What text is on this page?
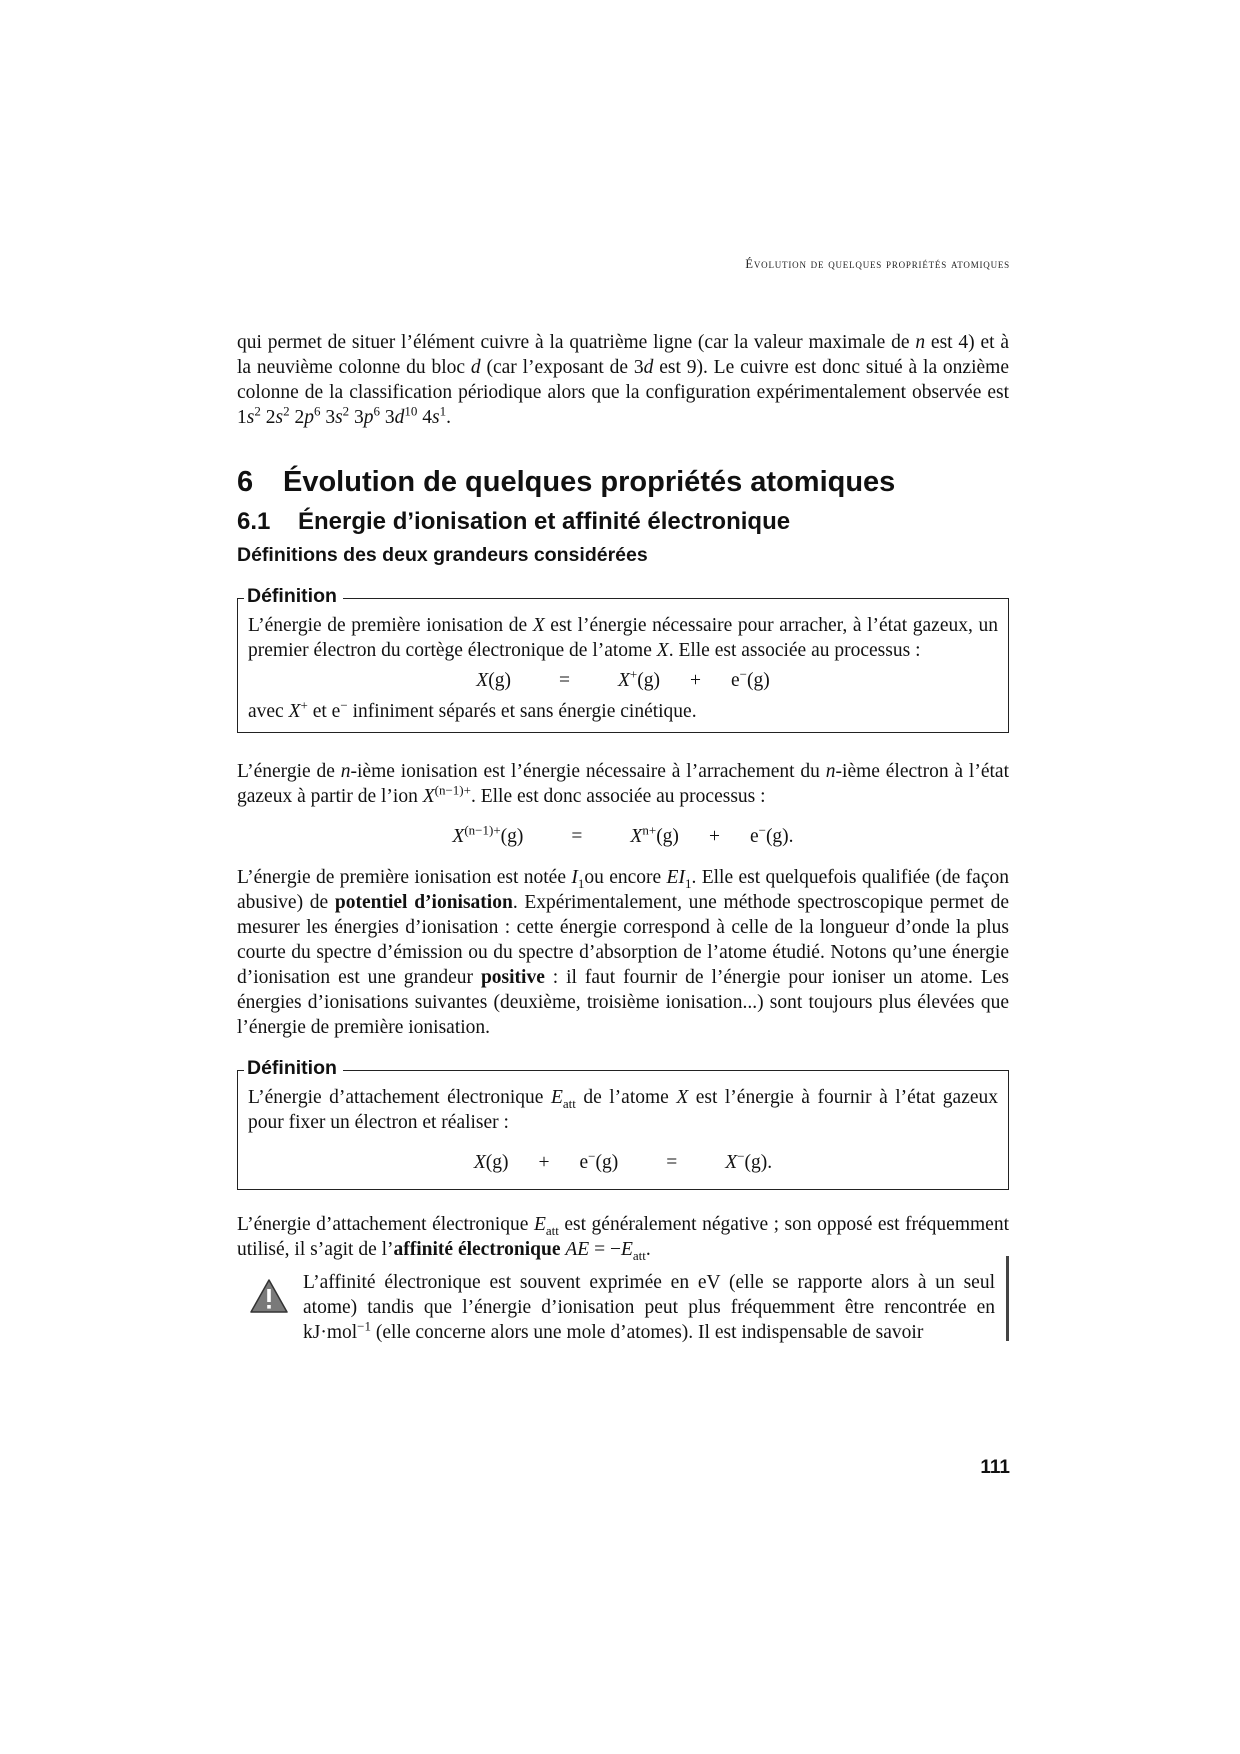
Évolution de quelques propriétés atomiques

qui permet de situer l’élément cuivre à la quatrième ligne (car la valeur maximale de n est 4) et à la neuvième colonne du bloc d (car l’exposant de 3d est 9). Le cuivre est donc situé à la onzième colonne de la classification périodique alors que la configuration expérimentalement observée est $1s^2$ $2s^2$ $2p^6$ $3s^2$ $3p^6$ $3d^{10}$ $4s^1$.

6 Évolution de quelques propriétés atomiques
6.1 Énergie d’ionisation et affinité électronique
Définitions des deux grandeurs considérées
Définition

L’énergie de première ionisation de X est l’énergie nécessaire pour arracher, à l’état gazeux, un premier électron du cortège électronique de l’atome X. Elle est associée au processus :

X(g) = X+(g) + e−(g)

avec X+ et e− infiniment séparés et sans énergie cinétique.

L’énergie de n-ième ionisation est l’énergie nécessaire à l’arrachement du n-ième électron à l’état gazeux à partir de l’ion $X^{(n-1)+}$. Elle est donc associée au processus :

$X^{(n-1)+}(g) = X^{n+}(g) + e^-(g)$.

L’énergie de première ionisation est notée $I_1ou$ encore $EI_1$. Elle est quelquefois qualifiée (de façon abusive) de potentiel d’ionisation. Expérimentalement, une méthode spectroscopique permet de mesurer les énergies d’ionisation : cette énergie correspond à celle de la longueur d’onde la plus courte du spectre d’émission ou du spectre d’absorption de l’atome étudié. Notons qu’une énergie d’ionisation est une grandeur positive : il faut fournir de l’énergie pour ioniser un atome. Les énergies d’ionisations suivantes (deuxième, troisième ionisation...) sont toujours plus élevées que l’énergie de première ionisation.

Définition

L’énergie d’attachement électronique $E_{att}$ de l’atome X est l’énergie à fournir à l’état gazeux pour fixer un électron et réaliser :

X(g) + e−(g) = X−(g).

L’énergie d’attachement électronique $E_{att}$ est généralement négative ; son opposé est fréquemment utilisé, il s’agit de l’affinité électronique AE = $-E_{att}$.

L’affinité électronique est souvent exprimée en eV (elle se rapporte alors à un seul atome) tandis que l’énergie d’ionisation peut plus fréquemment être rencontrée en kJ·mol$^{-1}$ (elle concerne alors une mole d’atomes). Il est indispensable de savoir

111
